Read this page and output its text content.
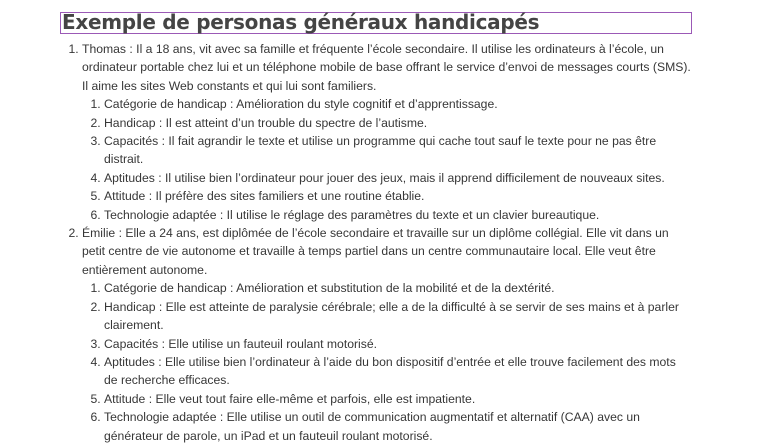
Exemple de personas généraux handicapés
1. Thomas : Il a 18 ans, vit avec sa famille et fréquente l’école secondaire. Il utilise les ordinateurs à l’école, un ordinateur portable chez lui et un téléphone mobile de base offrant le service d’envoi de messages courts (SMS). Il aime les sites Web constants et qui lui sont familiers.
1. Catégorie de handicap : Amélioration du style cognitif et d’apprentissage.
2. Handicap : Il est atteint d’un trouble du spectre de l’autisme.
3. Capacités : Il fait agrandir le texte et utilise un programme qui cache tout sauf le texte pour ne pas être distrait.
4. Aptitudes : Il utilise bien l’ordinateur pour jouer des jeux, mais il apprend difficilement de nouveaux sites.
5. Attitude : Il préfère des sites familiers et une routine établie.
6. Technologie adaptée : Il utilise le réglage des paramètres du texte et un clavier bureautique.
2. Émilie : Elle a 24 ans, est diplômée de l’école secondaire et travaille sur un diplôme collégial. Elle vit dans un petit centre de vie autonome et travaille à temps partiel dans un centre communautaire local. Elle veut être entièrement autonome.
1. Catégorie de handicap : Amélioration et substitution de la mobilité et de la dextérité.
2. Handicap : Elle est atteinte de paralysie cérébrale; elle a de la difficulté à se servir de ses mains et à parler clairement.
3. Capacités : Elle utilise un fauteuil roulant motorisé.
4. Aptitudes : Elle utilise bien l’ordinateur à l’aide du bon dispositif d’entrée et elle trouve facilement des mots de recherche efficaces.
5. Attitude : Elle veut tout faire elle-même et parfois, elle est impatiente.
6. Technologie adaptée : Elle utilise un outil de communication augmentatif et alternatif (CAA) avec un générateur de parole, un iPad et un fauteuil roulant motorisé.
